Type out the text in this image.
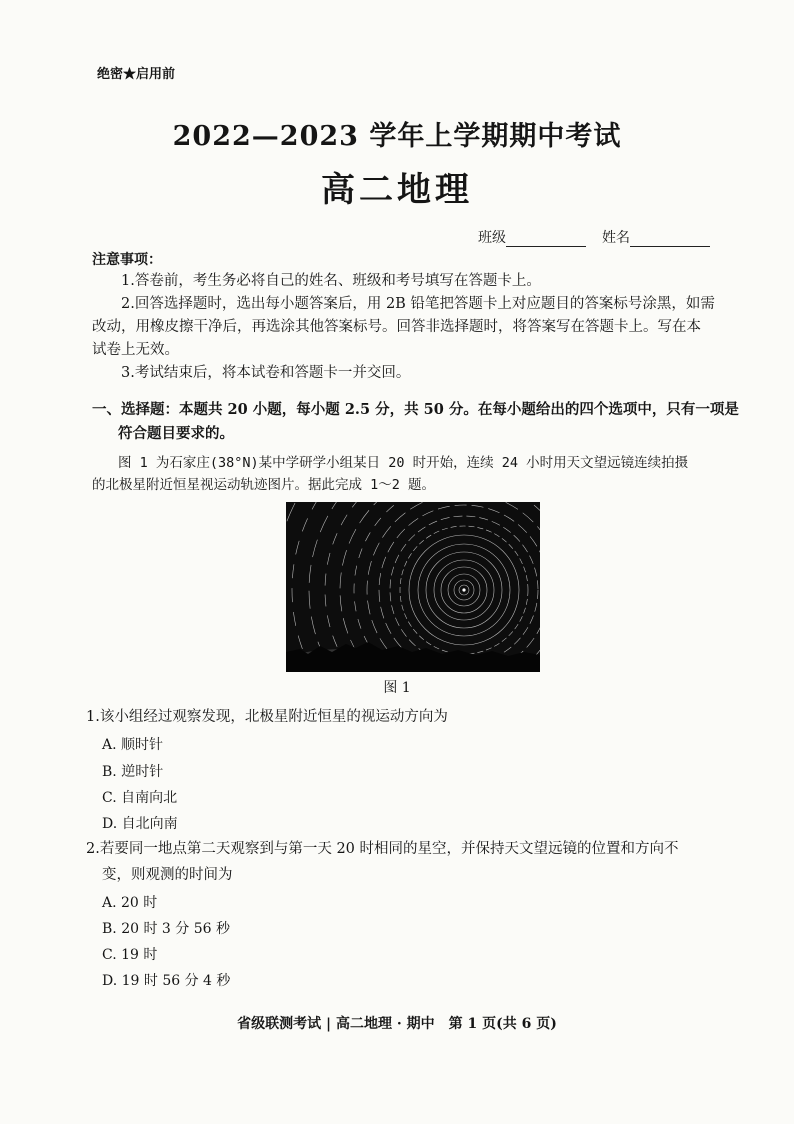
绝密★启用前
2022—2023 学年上学期期中考试
高二地理
班级	姓名
注意事项：
1.答卷前，考生务必将自己的姓名、班级和考号填写在答题卡上。
2.回答选择题时，选出每小题答案后，用 2B 铅笔把答题卡上对应题目的答案标号涂黑，如需
改动，用橡皮擦干净后，再选涂其他答案标号。回答非选择题时，将答案写在答题卡上。写在本
试卷上无效。
3.考试结束后，将本试卷和答题卡一并交回。
一、选择题：本题共 20 小题，每小题 2.5 分，共 50 分。在每小题给出的四个选项中，只有一项是
符合题目要求的。
图 1 为石家庄(38°N)某中学研学小组某日 20 时开始，连续 24 小时用天文望远镜连续拍摄
的北极星附近恒星视运动轨迹图片。据此完成 1～2 题。
图 1
1.该小组经过观察发现，北极星附近恒星的视运动方向为
A. 顺时针
B. 逆时针
C. 自南向北
D. 自北向南
2.若要同一地点第二天观察到与第一天 20 时相同的星空，并保持天文望远镜的位置和方向不
变，则观测的时间为
A. 20 时
B. 20 时 3 分 56 秒
C. 19 时
D. 19 时 56 分 4 秒
省级联测考试 | 高二地理 · 期中　第 1 页(共 6 页)
